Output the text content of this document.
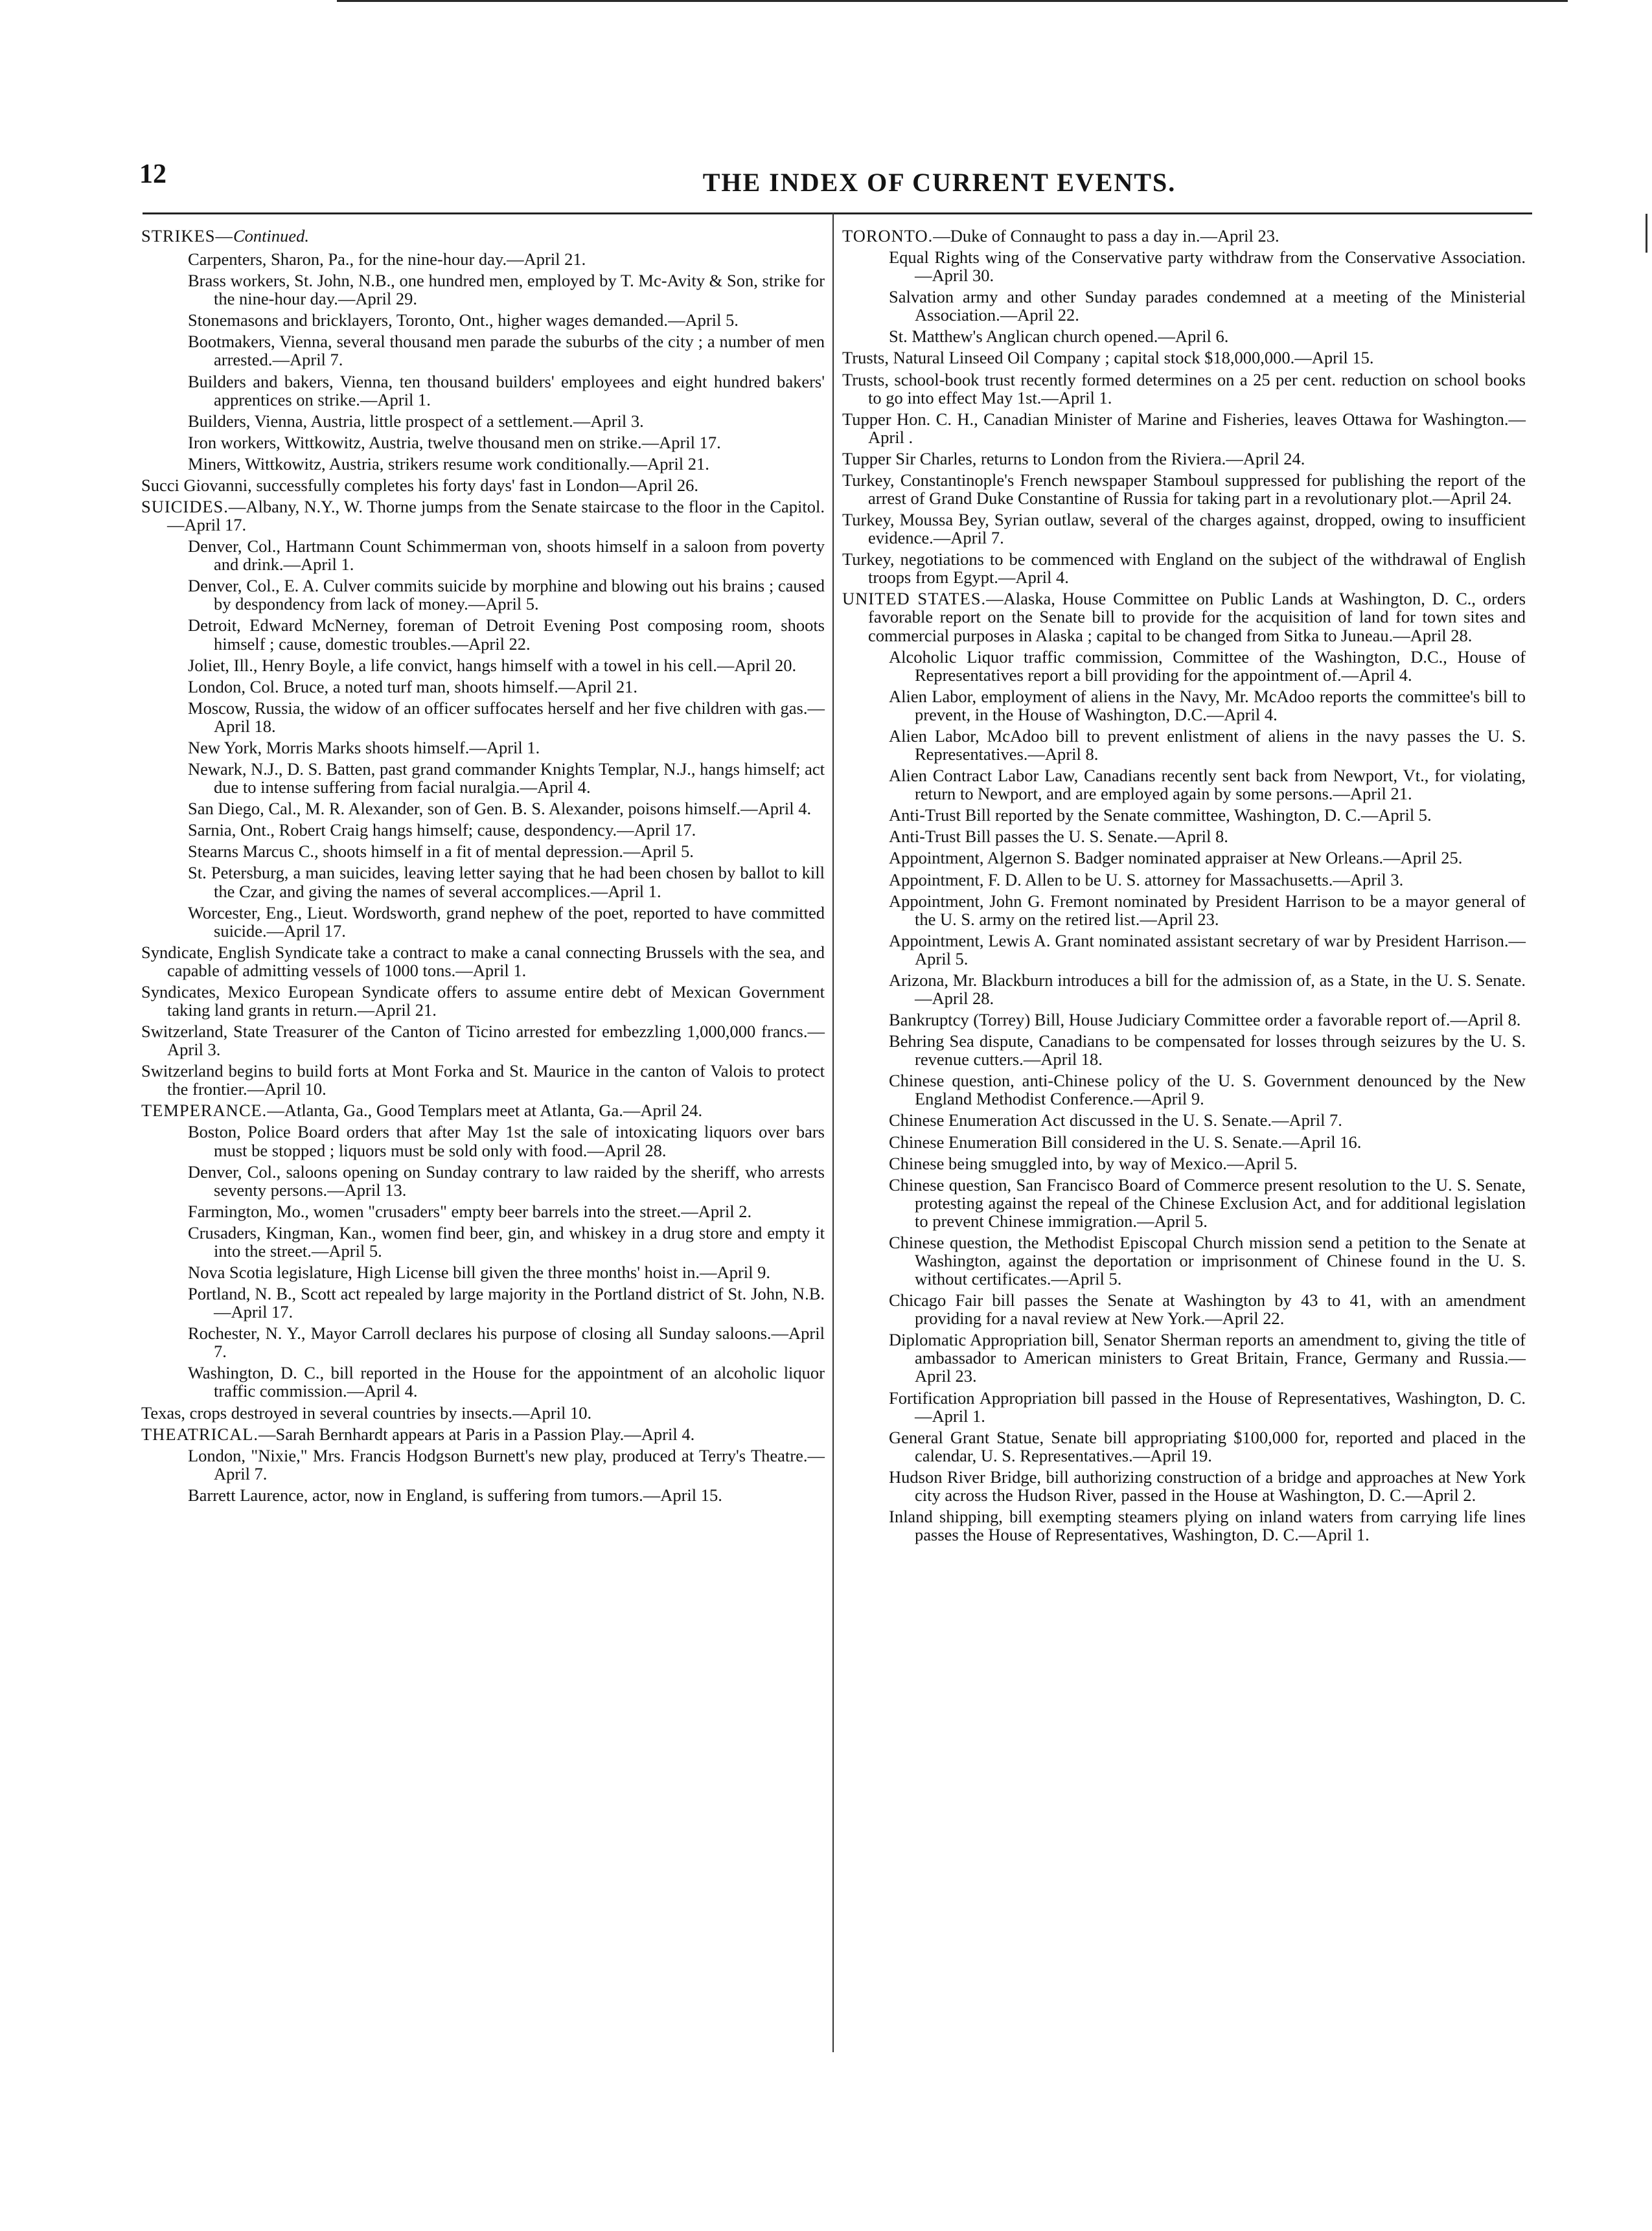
12	THE INDEX OF CURRENT EVENTS.

STRIKES—Continued.

Carpenters, Sharon, Pa., for the nine-hour day.—April 21.

Brass workers, St. John, N.B., one hundred men, employed by T. Mc-Avity & Son, strike for the nine-hour day.—April 29.

Stonemasons and bricklayers, Toronto, Ont., higher wages demanded.—April 5.

Bootmakers, Vienna, several thousand men parade the suburbs of the city ; a number of men arrested.—April 7.

Builders and bakers, Vienna, ten thousand builders' employees and eight hundred bakers' apprentices on strike.—April 1.

Builders, Vienna, Austria, little prospect of a settlement.—April 3.

Iron workers, Wittkowitz, Austria, twelve thousand men on strike.—April 17.

Miners, Wittkowitz, Austria, strikers resume work conditionally.—April 21.

Succi Giovanni, successfully completes his forty days' fast in London—April 26.

SUICIDES.—Albany, N.Y., W. Thorne jumps from the Senate staircase to the floor in the Capitol.—April 17.

Denver, Col., Hartmann Count Schimmerman von, shoots himself in a saloon from poverty and drink.—April 1.

Denver, Col., E. A. Culver commits suicide by morphine and blowing out his brains ; caused by despondency from lack of money.—April 5.

Detroit, Edward McNerney, foreman of Detroit Evening Post composing room, shoots himself ; cause, domestic troubles.—April 22.

Joliet, Ill., Henry Boyle, a life convict, hangs himself with a towel in his cell.—April 20.

London, Col. Bruce, a noted turf man, shoots himself.—April 21.

Moscow, Russia, the widow of an officer suffocates herself and her five children with gas.—April 18.

New York, Morris Marks shoots himself.—April 1.

Newark, N.J., D. S. Batten, past grand commander Knights Templar, N.J., hangs himself; act due to intense suffering from facial nuralgia.—April 4.

San Diego, Cal., M. R. Alexander, son of Gen. B. S. Alexander, poisons himself.—April 4.

Sarnia, Ont., Robert Craig hangs himself; cause, despondency.—April 17.

Stearns Marcus C., shoots himself in a fit of mental depression.—April 5.

St. Petersburg, a man suicides, leaving letter saying that he had been chosen by ballot to kill the Czar, and giving the names of several accomplices.—April 1.

Worcester, Eng., Lieut. Wordsworth, grand nephew of the poet, reported to have committed suicide.—April 17.

Syndicate, English Syndicate take a contract to make a canal connecting Brussels with the sea, and capable of admitting vessels of 1000 tons.—April 1.

Syndicates, Mexico European Syndicate offers to assume entire debt of Mexican Government taking land grants in return.—April 21.

Switzerland, State Treasurer of the Canton of Ticino arrested for embezzling 1,000,000 francs.—April 3.

Switzerland begins to build forts at Mont Forka and St. Maurice in the canton of Valois to protect the frontier.—April 10.

TEMPERANCE.—Atlanta, Ga., Good Templars meet at Atlanta, Ga.—April 24.

Boston, Police Board orders that after May 1st the sale of intoxicating liquors over bars must be stopped ; liquors must be sold only with food.—April 28.

Denver, Col., saloons opening on Sunday contrary to law raided by the sheriff, who arrests seventy persons.—April 13.

Farmington, Mo., women "crusaders" empty beer barrels into the street.—April 2.

Crusaders, Kingman, Kan., women find beer, gin, and whiskey in a drug store and empty it into the street.—April 5.

Nova Scotia legislature, High License bill given the three months' hoist in.—April 9.

Portland, N. B., Scott act repealed by large majority in the Portland district of St. John, N.B.—April 17.

Rochester, N. Y., Mayor Carroll declares his purpose of closing all Sunday saloons.—April 7.

Washington, D. C., bill reported in the House for the appointment of an alcoholic liquor traffic commission.—April 4.

Texas, crops destroyed in several countries by insects.—April 10.

THEATRICAL.—Sarah Bernhardt appears at Paris in a Passion Play.—April 4.

London, "Nixie," Mrs. Francis Hodgson Burnett's new play, produced at Terry's Theatre.—April 7.

Barrett Laurence, actor, now in England, is suffering from tumors.—April 15.

TORONTO.—Duke of Connaught to pass a day in.—April 23.

Equal Rights wing of the Conservative party withdraw from the Conservative Association.—April 30.

Salvation army and other Sunday parades condemned at a meeting of the Ministerial Association.—April 22.

St. Matthew's Anglican church opened.—April 6.

Trusts, Natural Linseed Oil Company ; capital stock $18,000,000.—April 15.

Trusts, school-book trust recently formed determines on a 25 per cent. reduction on school books to go into effect May 1st.—April 1.

Tupper Hon. C. H., Canadian Minister of Marine and Fisheries, leaves Ottawa for Washington.—April .

Tupper Sir Charles, returns to London from the Riviera.—April 24.

Turkey, Constantinople's French newspaper Stamboul suppressed for publishing the report of the arrest of Grand Duke Constantine of Russia for taking part in a revolutionary plot.—April 24.

Turkey, Moussa Bey, Syrian outlaw, several of the charges against, dropped, owing to insufficient evidence.—April 7.

Turkey, negotiations to be commenced with England on the subject of the withdrawal of English troops from Egypt.—April 4.

UNITED STATES.—Alaska, House Committee on Public Lands at Washington, D. C., orders favorable report on the Senate bill to provide for the acquisition of land for town sites and commercial purposes in Alaska ; capital to be changed from Sitka to Juneau.—April 28.

Alcoholic Liquor traffic commission, Committee of the Washington, D.C., House of Representatives report a bill providing for the appointment of.—April 4.

Alien Labor, employment of aliens in the Navy, Mr. McAdoo reports the committee's bill to prevent, in the House of Washington, D.C.—April 4.

Alien Labor, McAdoo bill to prevent enlistment of aliens in the navy passes the U. S. Representatives.—April 8.

Alien Contract Labor Law, Canadians recently sent back from Newport, Vt., for violating, return to Newport, and are employed again by some persons.—April 21.

Anti-Trust Bill reported by the Senate committee, Washington, D. C.—April 5.

Anti-Trust Bill passes the U. S. Senate.—April 8.

Appointment, Algernon S. Badger nominated appraiser at New Orleans.—April 25.

Appointment, F. D. Allen to be U. S. attorney for Massachusetts.—April 3.

Appointment, John G. Fremont nominated by President Harrison to be a mayor general of the U. S. army on the retired list.—April 23.

Appointment, Lewis A. Grant nominated assistant secretary of war by President Harrison.—April 5.

Arizona, Mr. Blackburn introduces a bill for the admission of, as a State, in the U. S. Senate.—April 28.

Bankruptcy (Torrey) Bill, House Judiciary Committee order a favorable report of.—April 8.

Behring Sea dispute, Canadians to be compensated for losses through seizures by the U. S. revenue cutters.—April 18.

Chinese question, anti-Chinese policy of the U. S. Government denounced by the New England Methodist Conference.—April 9.

Chinese Enumeration Act discussed in the U. S. Senate.—April 7.

Chinese Enumeration Bill considered in the U. S. Senate.—April 16.

Chinese being smuggled into, by way of Mexico.—April 5.

Chinese question, San Francisco Board of Commerce present resolution to the U. S. Senate, protesting against the repeal of the Chinese Exclusion Act, and for additional legislation to prevent Chinese immigration.—April 5.

Chinese question, the Methodist Episcopal Church mission send a petition to the Senate at Washington, against the deportation or imprisonment of Chinese found in the U. S. without certificates.—April 5.

Chicago Fair bill passes the Senate at Washington by 43 to 41, with an amendment providing for a naval review at New York.—April 22.

Diplomatic Appropriation bill, Senator Sherman reports an amendment to, giving the title of ambassador to American ministers to Great Britain, France, Germany and Russia.—April 23.

Fortification Appropriation bill passed in the House of Representatives, Washington, D. C.—April 1.

General Grant Statue, Senate bill appropriating $100,000 for, reported and placed in the calendar, U. S. Representatives.—April 19.

Hudson River Bridge, bill authorizing construction of a bridge and approaches at New York city across the Hudson River, passed in the House at Washington, D. C.—April 2.

Inland shipping, bill exempting steamers plying on inland waters from carrying life lines passes the House of Representatives, Washington, D. C.—April 1.
